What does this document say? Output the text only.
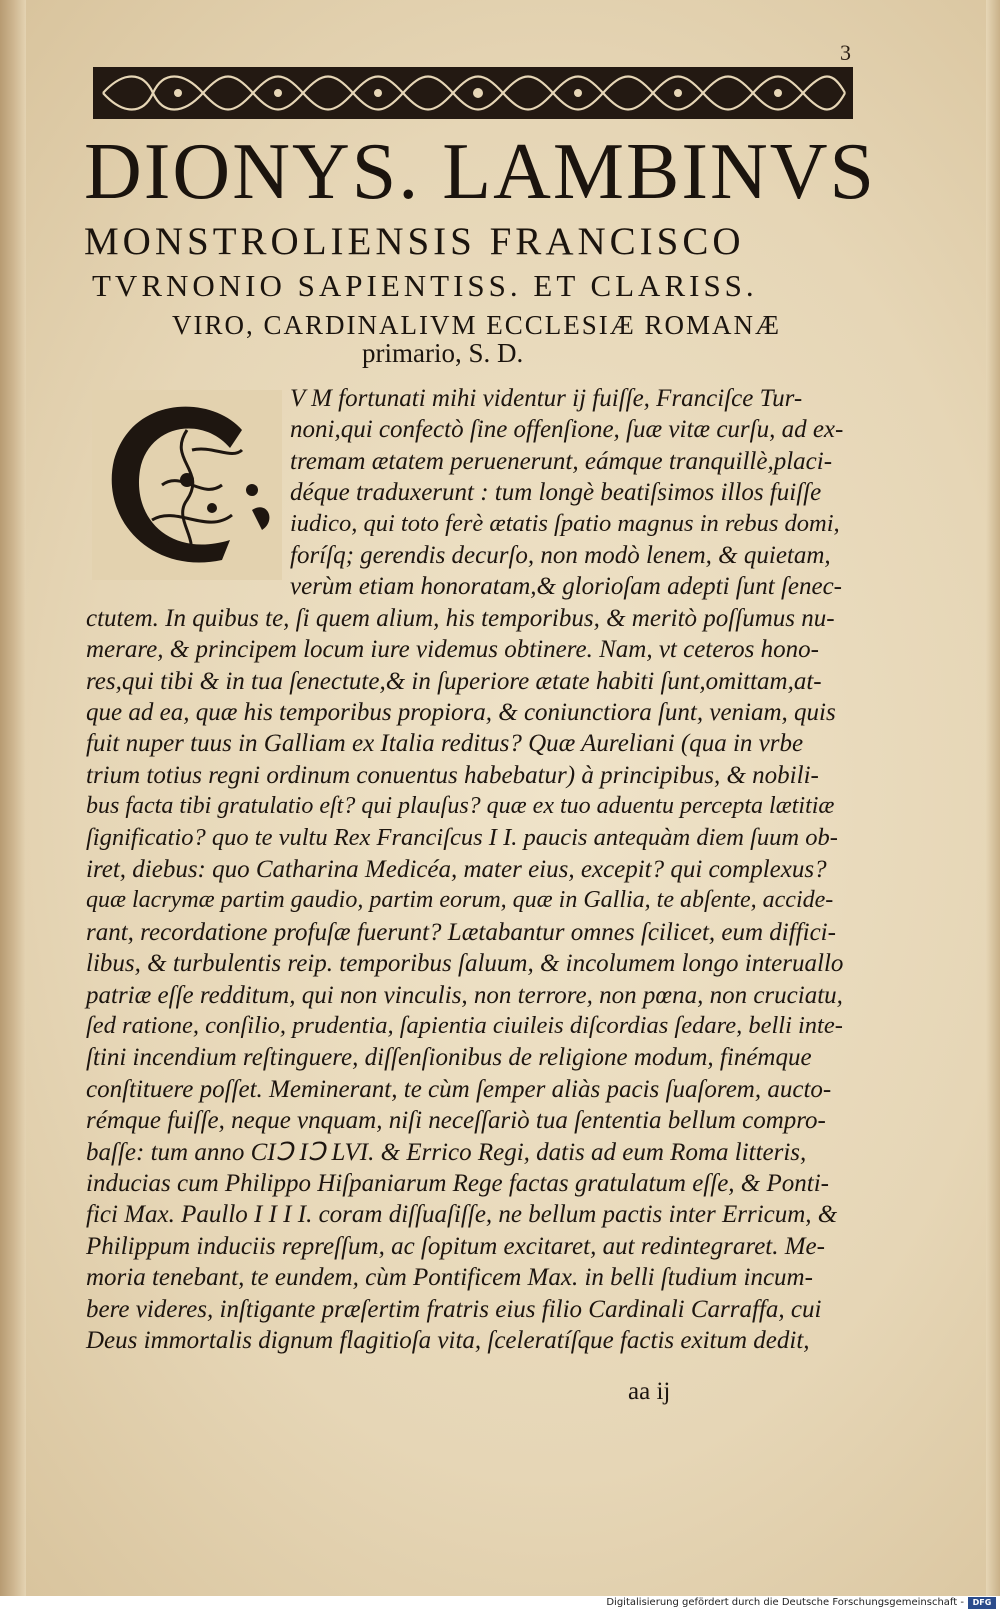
3
DIONYS. LAMBINVS
MONSTROLIENSIS FRANCISCO
TVRNONIO SAPIENTISS. ET CLARISS.
VIRO, CARDINALIVM ECCLESIÆ ROMANÆ
primario, S. D.
V M fortunati mihi videntur ij fuiſſe, Franciſce Tur-
noni,qui confectò ſine offenſione, ſuæ vitæ curſu, ad ex-
tremam ætatem peruenerunt, eámque tranquillè,placi-
déque traduxerunt : tum longè beatiſsimos illos fuiſſe
iudico, qui toto ferè ætatis ſpatio magnus in rebus domi,
foríſq; gerendis decurſo, non modò lenem, & quietam,
verùm etiam honoratam,& glorioſam adepti ſunt ſenec-
ctutem. In quibus te, ſi quem alium, his temporibus, & meritò poſſumus nu-
merare, & principem locum iure videmus obtinere. Nam, vt ceteros hono-
res,qui tibi & in tua ſenectute,& in ſuperiore ætate habiti ſunt,omittam,at-
que ad ea, quæ his temporibus propiora, & coniunctiora ſunt, veniam, quis
fuit nuper tuus in Galliam ex Italia reditus? Quæ Aureliani (qua in vrbe
trium totius regni ordinum conuentus habebatur) à principibus, & nobili-
bus facta tibi gratulatio eſt? qui plauſus? quæ ex tuo aduentu percepta lætitiæ
ſignificatio? quo te vultu Rex Franciſcus I I. paucis antequàm diem ſuum ob-
iret, diebus: quo Catharina Medicéa, mater eius, excepit? qui complexus?
quæ lacrymæ partim gaudio, partim eorum, quæ in Gallia, te abſente, accide-
rant, recordatione profuſæ fuerunt? Lætabantur omnes ſcilicet, eum diffici-
libus, & turbulentis reip. temporibus ſaluum, & incolumem longo interuallo
patriæ eſſe redditum, qui non vinculis, non terrore, non pœna, non cruciatu,
ſed ratione, conſilio, prudentia, ſapientia ciuileis diſcordias ſedare, belli inte-
ſtini incendium reſtinguere, diſſenſionibus de religione modum, finémque
conſtituere poſſet. Meminerant, te cùm ſemper aliàs pacis ſuaſorem, aucto-
rémque fuiſſe, neque vnquam, niſi neceſſariò tua ſententia bellum compro-
baſſe: tum anno CIↃ IↃ LVI. & Errico Regi, datis ad eum Roma litteris,
inducias cum Philippo Hiſpaniarum Rege factas gratulatum eſſe, & Ponti-
fici Max. Paullo I I I I. coram diſſuaſiſſe, ne bellum pactis inter Erricum, &
Philippum induciis repreſſum, ac ſopitum excitaret, aut redintegraret. Me-
moria tenebant, te eundem, cùm Pontificem Max. in belli ſtudium incum-
bere videres, inſtigante præſertim fratris eius filio Cardinali Carraffa, cui
Deus immortalis dignum flagitioſa vita, ſceleratíſque factis exitum dedit,
aa ij
Digitalisierung gefördert durch die Deutsche Forschungsgemeinschaft -	DFG
